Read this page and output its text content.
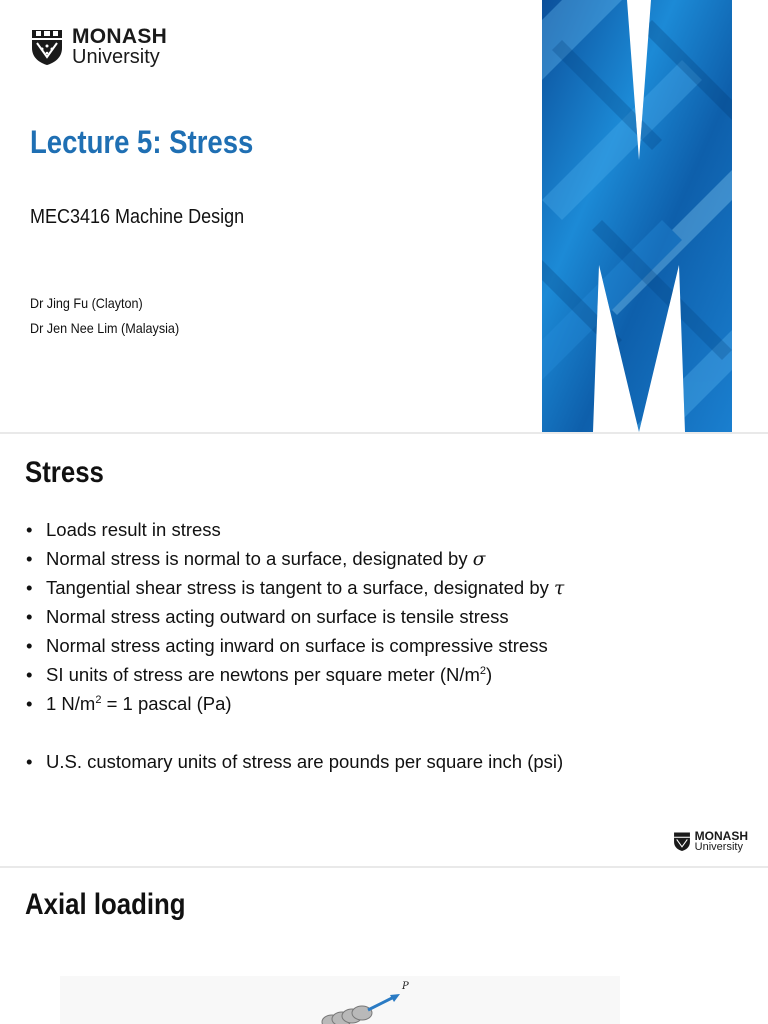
MONASH
University
Lecture 5: Stress
MEC3416 Machine Design
Dr Jing Fu (Clayton)
Dr Jen Nee Lim (Malaysia)
Stress
• Loads result in stress
• Normal stress is normal to a surface, designated by σ
• Tangential shear stress is tangent to a surface, designated by τ
• Normal stress acting outward on surface is tensile stress
• Normal stress acting inward on surface is compressive stress
• SI units of stress are newtons per square meter $(N/m^2)$
• 1 $N/m^2 = 1$ pascal (Pa)
• U.S. customary units of stress are pounds per square inch (psi)
MONASH
University
Axial loading
P
